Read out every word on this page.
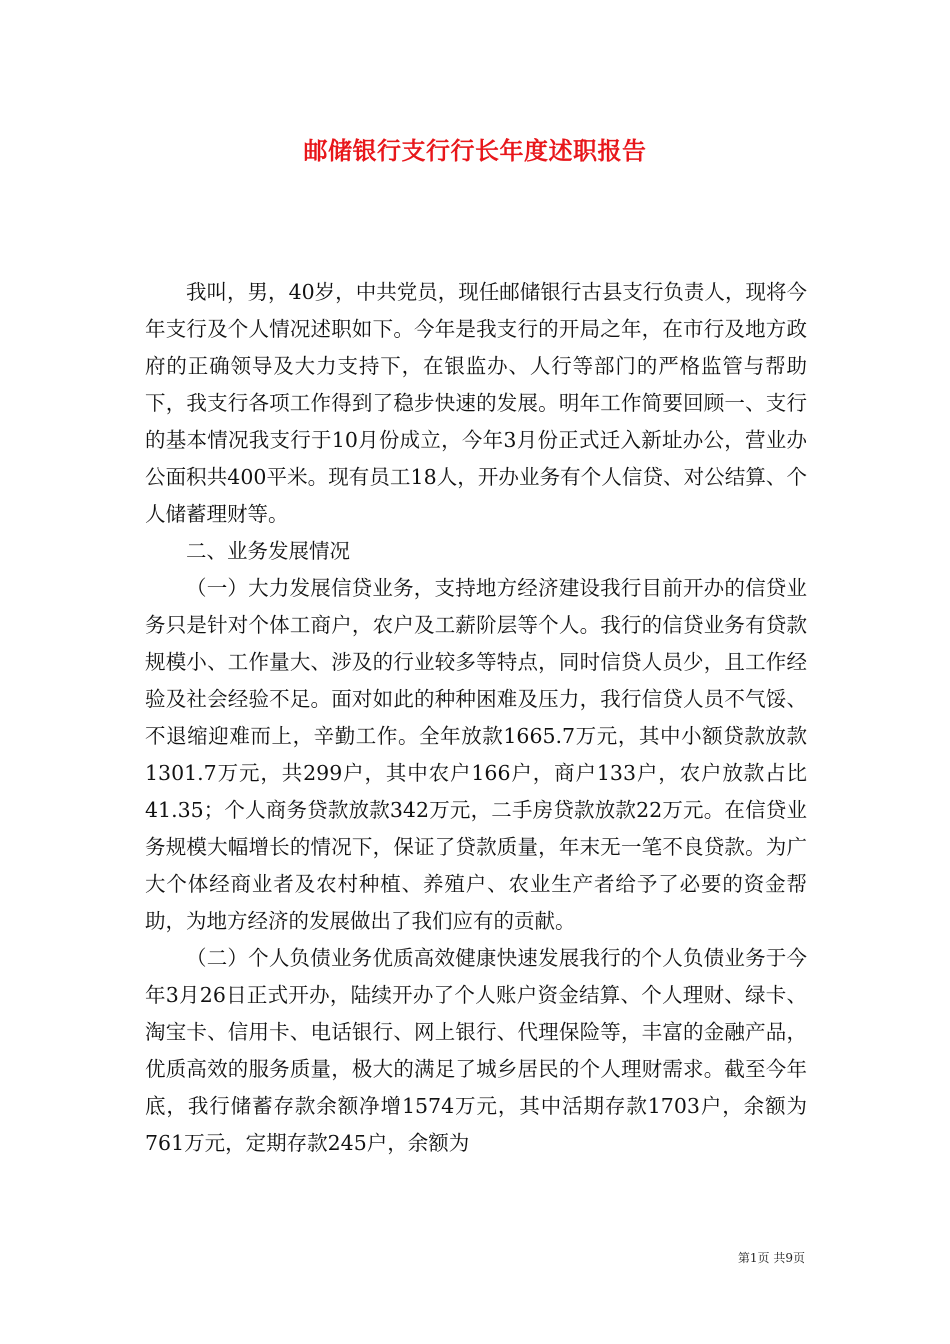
邮储银行支行行长年度述职报告

我叫，男，40岁，中共党员，现任邮储银行古县支行负责人，现将今年支行及个人情况述职如下。今年是我支行的开局之年，在市行及地方政府的正确领导及大力支持下，在银监办、人行等部门的严格监管与帮助下，我支行各项工作得到了稳步快速的发展。明年工作简要回顾一、支行的基本情况我支行于10月份成立，今年3月份正式迁入新址办公，营业办公面积共400平米。现有员工18人，开办业务有个人信贷、对公结算、个人储蓄理财等。

二、业务发展情况

（一）大力发展信贷业务，支持地方经济建设我行目前开办的信贷业务只是针对个体工商户，农户及工薪阶层等个人。我行的信贷业务有贷款规模小、工作量大、涉及的行业较多等特点，同时信贷人员少，且工作经验及社会经验不足。面对如此的种种困难及压力，我行信贷人员不气馁、不退缩迎难而上，辛勤工作。全年放款1665.7万元，其中小额贷款放款1301.7万元，共299户，其中农户166户，商户133户，农户放款占比41.35；个人商务贷款放款342万元，二手房贷款放款22万元。在信贷业务规模大幅增长的情况下，保证了贷款质量，年末无一笔不良贷款。为广大个体经商业者及农村种植、养殖户、农业生产者给予了必要的资金帮助，为地方经济的发展做出了我们应有的贡献。

（二）个人负债业务优质高效健康快速发展我行的个人负债业务于今年3月26日正式开办，陆续开办了个人账户资金结算、个人理财、绿卡、淘宝卡、信用卡、电话银行、网上银行、代理保险等，丰富的金融产品，优质高效的服务质量，极大的满足了城乡居民的个人理财需求。截至今年底，我行储蓄存款余额净增1574万元，其中活期存款1703户，余额为761万元，定期存款245户，余额为

第1页 共9页
